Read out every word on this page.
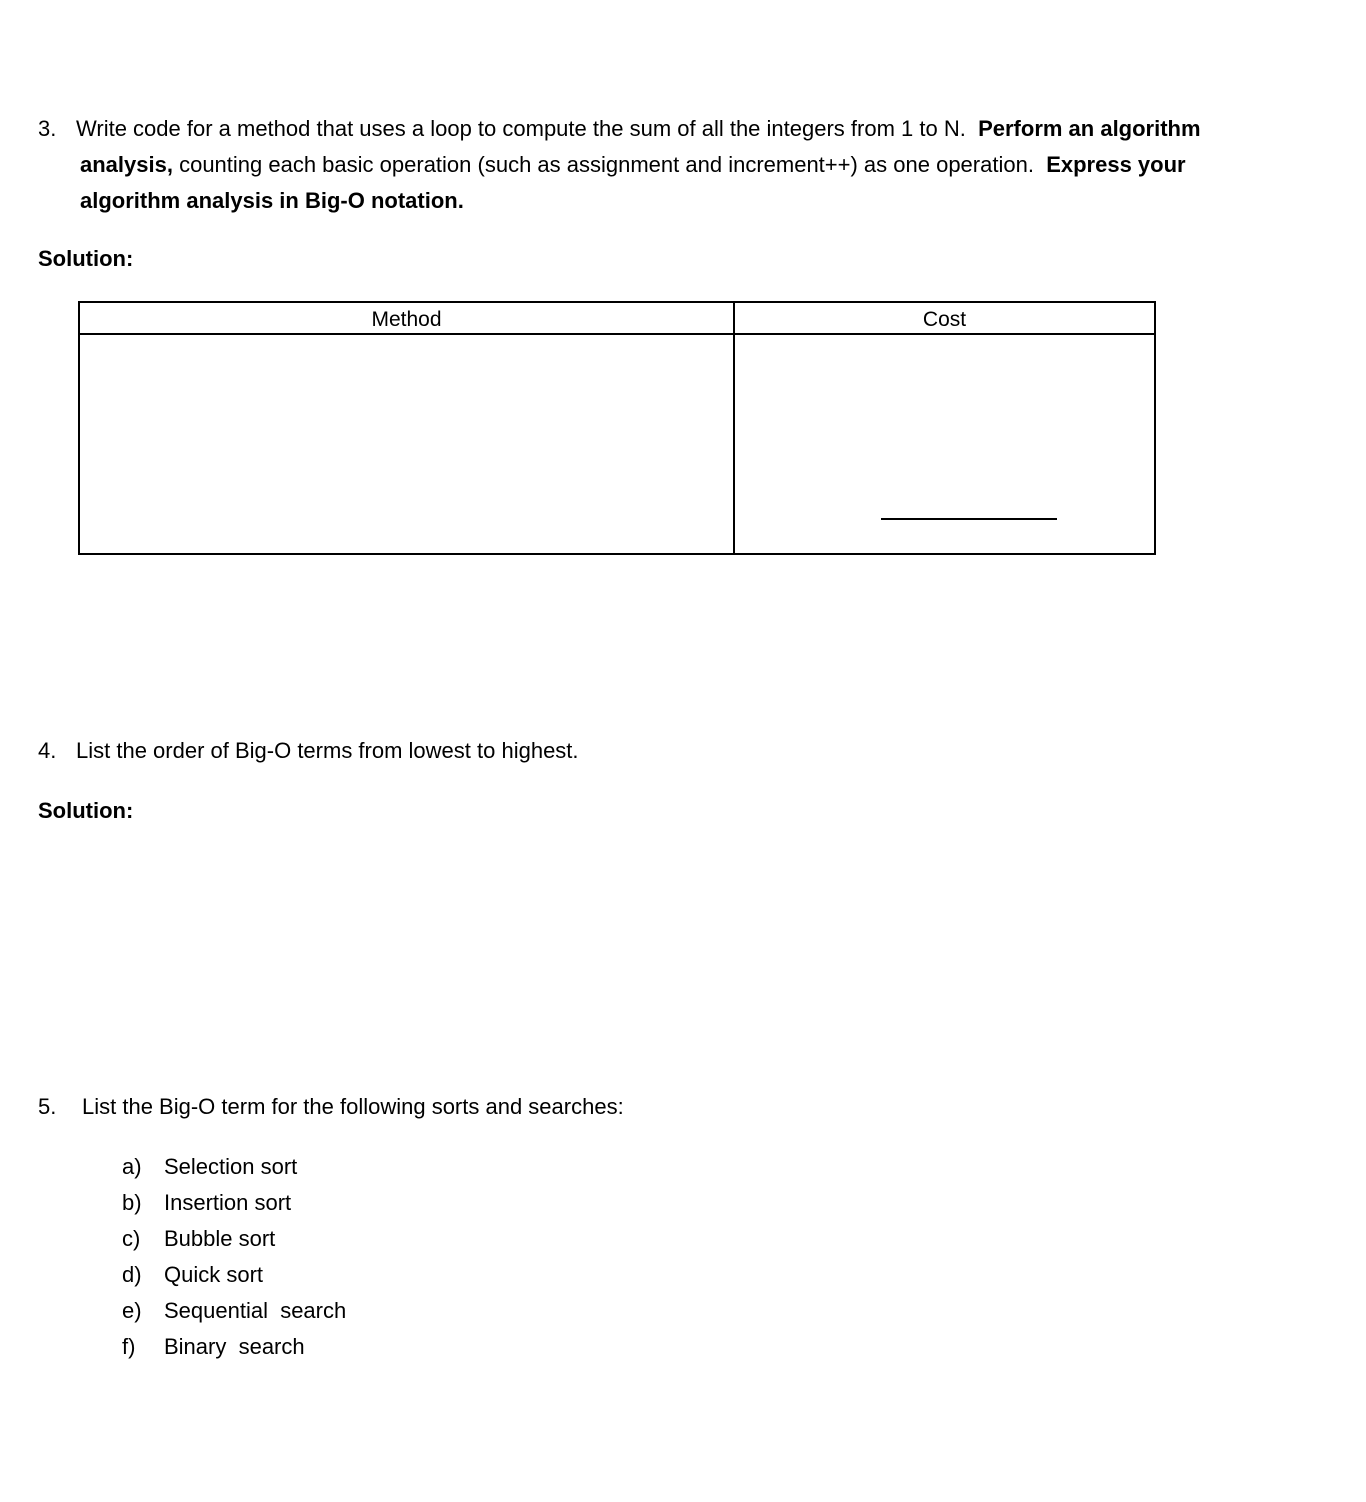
3. Write code for a method that uses a loop to compute the sum of all the integers from 1 to N. Perform an algorithm
analysis, counting each basic operation (such as assignment and increment++) as one operation. Express your
algorithm analysis in Big-O notation.
Solution:
Method	Cost
4. List the order of Big-O terms from lowest to highest.
Solution:
5. List the Big-O term for the following sorts and searches:
a) Selection sort
b) Insertion sort
c) Bubble sort
d) Quick sort
e) Sequential  search
f) Binary  search
